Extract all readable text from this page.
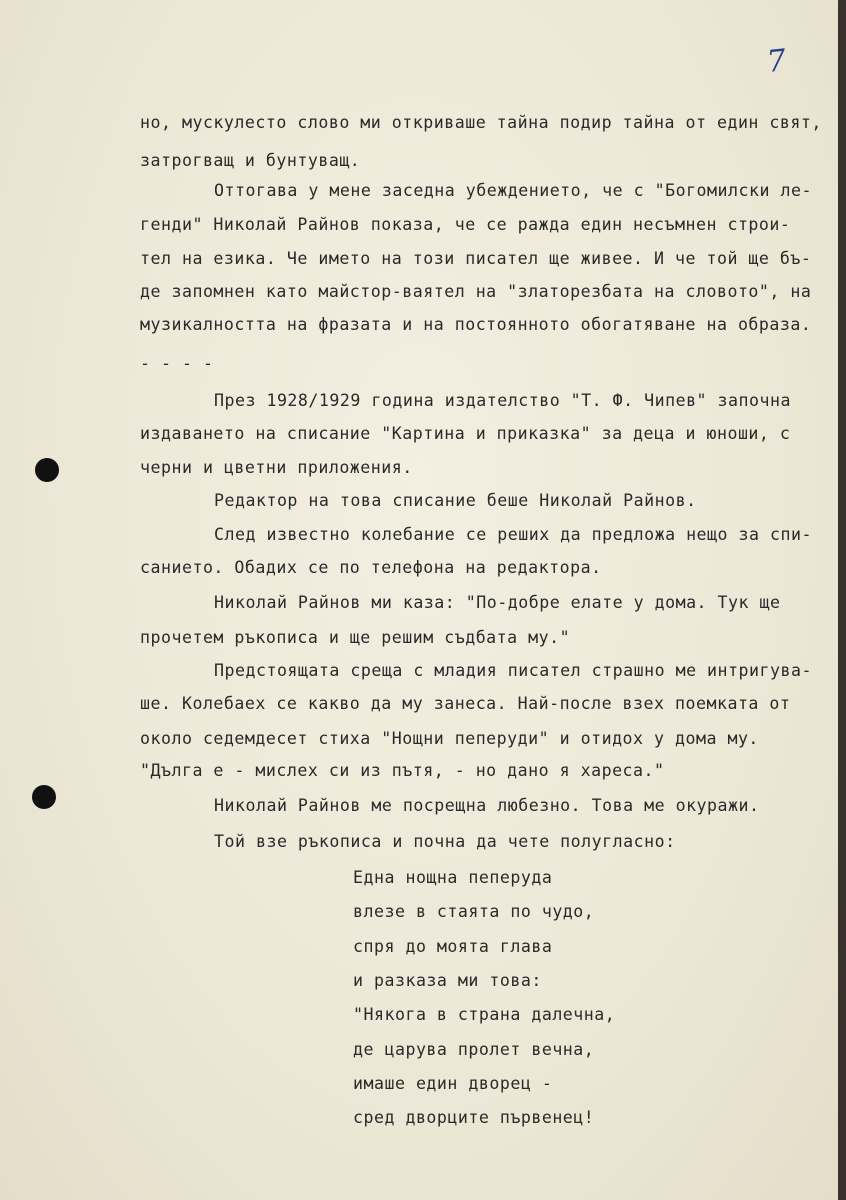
7
но, мускулесто слово ми откриваше тайна подир тайна от един свят,
затрогващ и бунтуващ.
Оттогава у мене заседна убеждението, че с "Богомилски ле-
генди" Николай Райнов показа, че се ражда един несъмнен строи-
тел на езика. Че името на този писател ще живее. И че той ще бъ-
де запомнен като майстор-ваятел на "златорезбата на словото", на
музикалността на фразата и на постоянното обогатяване на образа.
- - - -
През 1928/1929 година издателство "Т. Ф. Чипев" започна
издаването на списание "Картина и приказка" за деца и юноши, с
черни и цветни приложения.
Редактор на това списание беше Николай Райнов.
След известно колебание се реших да предложа нещо за спи-
санието. Обадих се по телефона на редактора.
Николай Райнов ми каза: "По-добре елате у дома. Тук ще
прочетем ръкописа и ще решим съдбата му."
Предстоящата среща с младия писател страшно ме интригува-
ше. Колебаех се какво да му занеса. Най-после взех поемката от
около седемдесет стиха "Нощни пеперуди" и отидох у дома му.
"Дълга е - мислех си из пътя, - но дано я хареса."
Николай Райнов ме посрещна любезно. Това ме окуражи.
Той взе ръкописа и почна да чете полугласно:
Една нощна пеперуда
влезе в стаята по чудо,
спря до моята глава
и разказа ми това:
"Някога в страна далечна,
де царува пролет вечна,
имаше един дворец -
сред дворците първенец!
